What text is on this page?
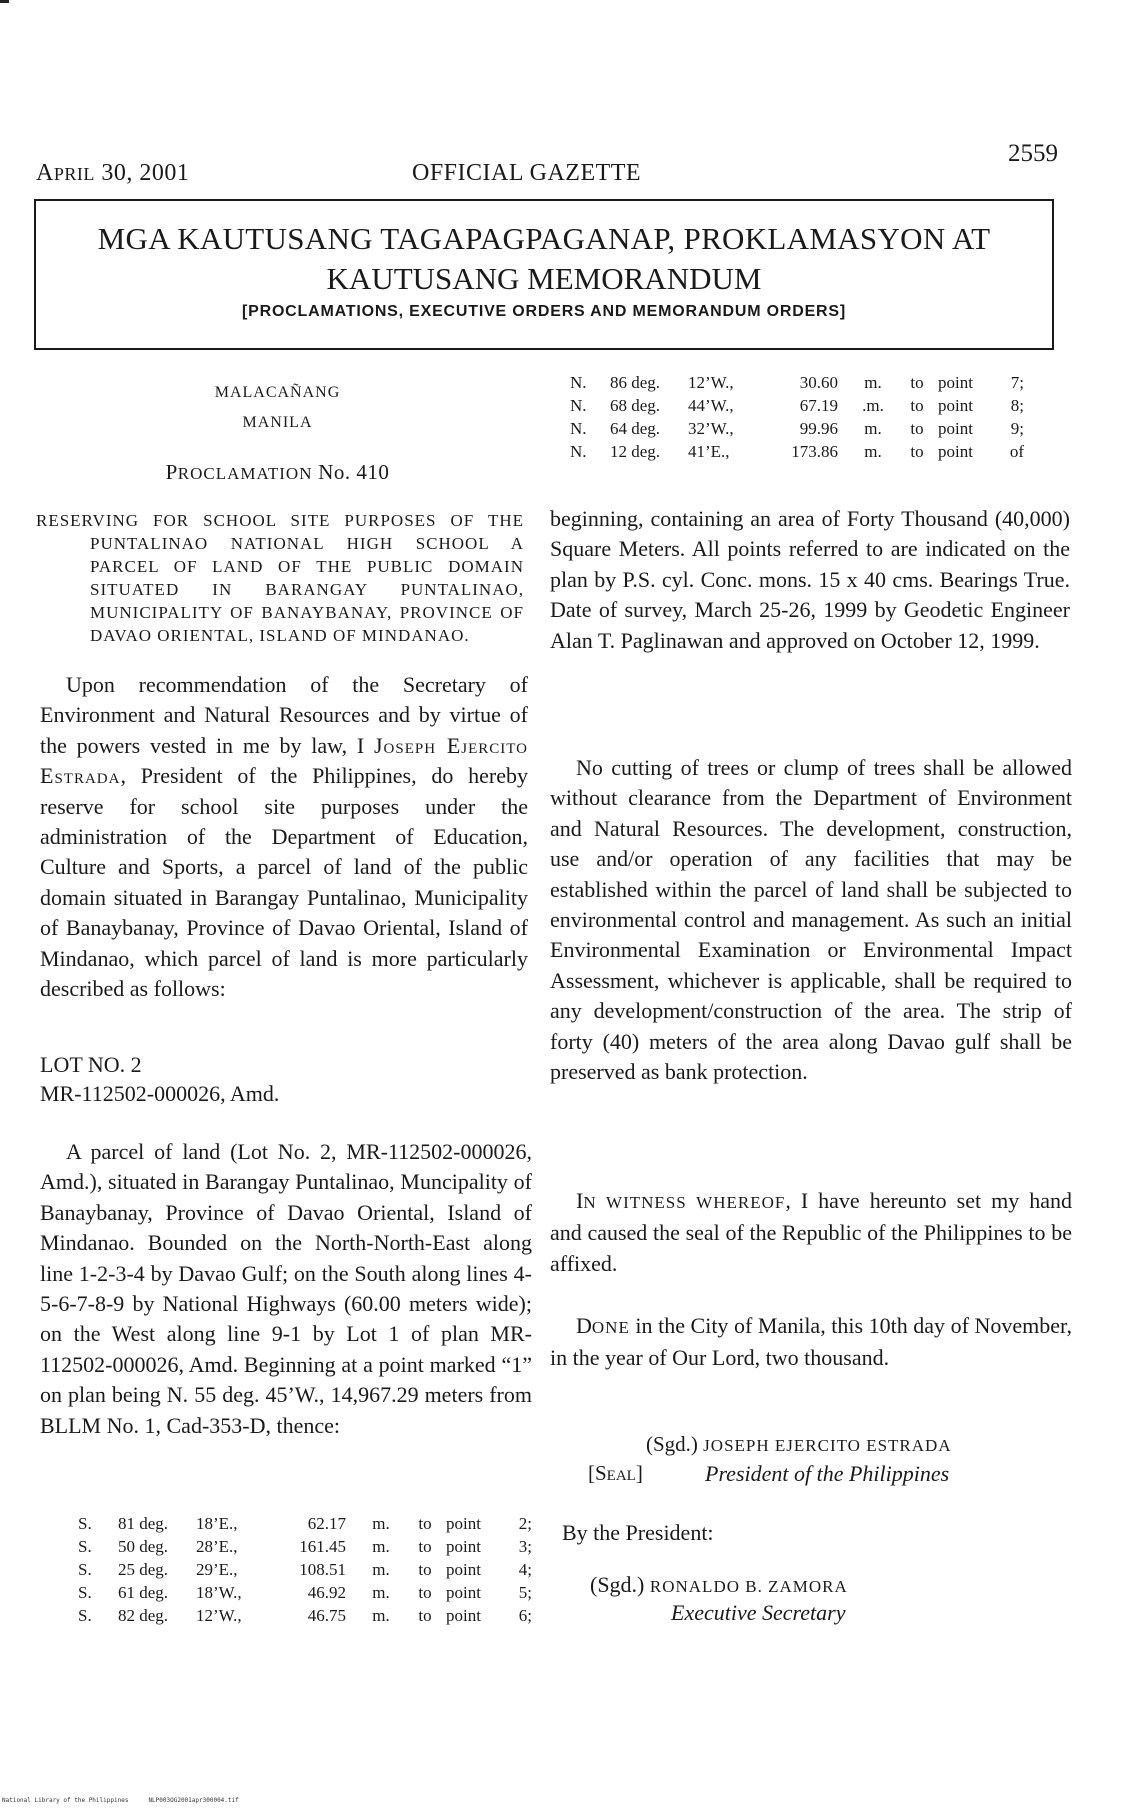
APRIL 30, 2001	OFFICIAL GAZETTE
2559
MGA KAUTUSANG TAGAPAGPAGANAP, PROKLAMASYON AT
KAUTUSANG MEMORANDUM
[PROCLAMATIONS, EXECUTIVE ORDERS AND MEMORANDUM ORDERS]
MALACAÑANG
MANILA
PROCLAMATION No. 410
RESERVING FOR SCHOOL SITE PURPOSES OF THE PUNTALINAO NATIONAL HIGH SCHOOL A PARCEL OF LAND OF THE PUBLIC DOMAIN SITUATED IN BARANGAY PUNTALINAO, MUNICIPALITY OF BANAYBANAY, PROVINCE OF DAVAO ORIENTAL, ISLAND OF MINDANAO.
Upon recommendation of the Secretary of Environment and Natural Resources and by virtue of the powers vested in me by law, I Joseph Ejercito Estrada, President of the Philippines, do hereby reserve for school site purposes under the administration of the Department of Education, Culture and Sports, a parcel of land of the public domain situated in Barangay Puntalinao, Municipality of Banaybanay, Province of Davao Oriental, Island of Mindanao, which parcel of land is more particularly described as follows:
LOT NO. 2
MR-112502-000026, Amd.
A parcel of land (Lot No. 2, MR-112502-000026, Amd.), situated in Barangay Puntalinao, Muncipality of Banaybanay, Province of Davao Oriental, Island of Mindanao. Bounded on the North-North-East along line 1-2-3-4 by Davao Gulf; on the South along lines 4-5-6-7-8-9 by National Highways (60.00 meters wide); on the West along line 9-1 by Lot 1 of plan MR-112502-000026, Amd. Beginning at a point marked “1” on plan being N. 55 deg. 45’W., 14,967.29 meters from BLLM No. 1, Cad-353-D, thence:
S.	81 deg.	18’E.,	62.17	m.	to	point	2;
S.	50 deg.	28’E.,	161.45	m.	to	point	3;
S.	25 deg.	29’E.,	108.51	m.	to	point	4;
S.	61 deg.	18’W.,	46.92	m.	to	point	5;
S.	82 deg.	12’W.,	46.75	m.	to	point	6;
N.	86 deg.	12’W.,	30.60	m.	to	point	7;
N.	68 deg.	44’W.,	67.19	.m.	to	point	8;
N.	64 deg.	32’W.,	99.96	m.	to	point	9;
N.	12 deg.	41’E.,	173.86	m.	to	point	of
beginning, containing an area of Forty Thousand (40,000) Square Meters. All points referred to are indicated on the plan by P.S. cyl. Conc. mons. 15 x 40 cms. Bearings True. Date of survey, March 25-26, 1999 by Geodetic Engineer Alan T. Paglinawan and approved on October 12, 1999.
No cutting of trees or clump of trees shall be allowed without clearance from the Department of Environment and Natural Resources. The development, construction, use and/or operation of any facilities that may be established within the parcel of land shall be subjected to environmental control and management. As such an initial Environmental Examination or Environmental Impact Assessment, whichever is applicable, shall be required to any development/construction of the area. The strip of forty (40) meters of the area along Davao gulf shall be preserved as bank protection.
IN WITNESS WHEREOF, I have hereunto set my hand and caused the seal of the Republic of the Philippines to be affixed.
DONE in the City of Manila, this 10th day of November, in the year of Our Lord, two thousand.
(Sgd.) JOSEPH EJERCITO ESTRADA
[Seal]	President of the Philippines
By the President:
(Sgd.) RONALDO B. ZAMORA
Executive Secretary
National Library of the Philippines	NLP003OG2001apr300004.tif
